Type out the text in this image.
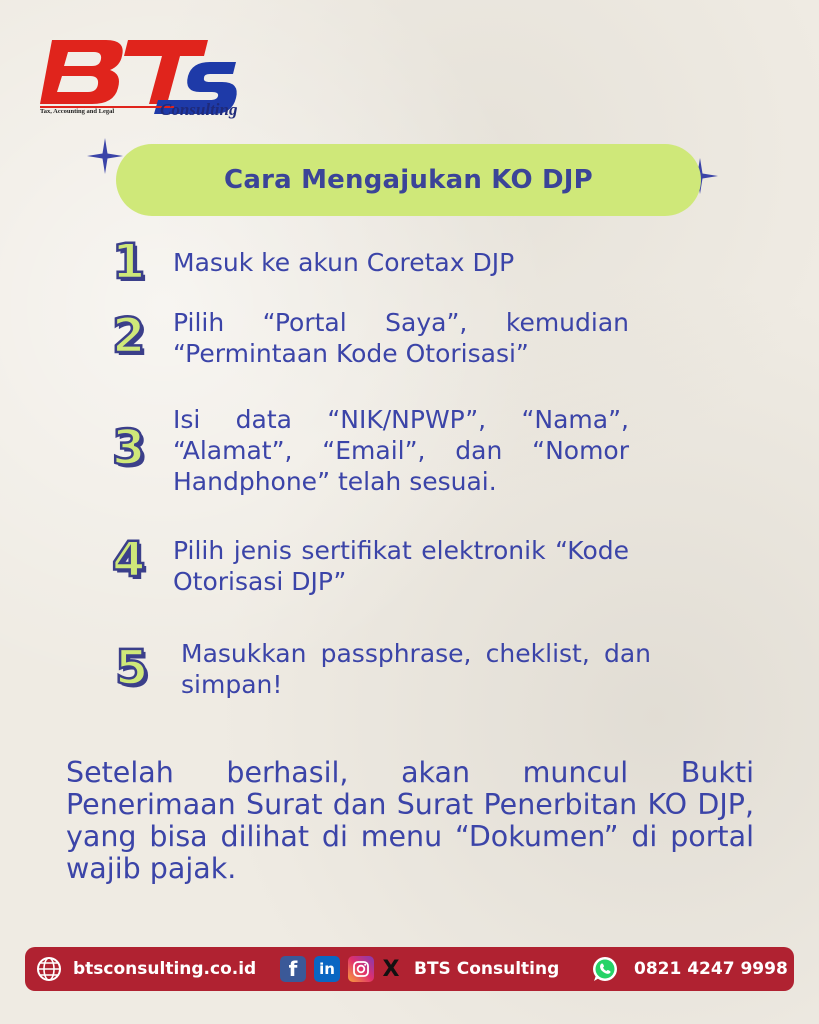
Tax, Accounting and Legal	Consulting
Cara Mengajukan KO DJP
1 Masuk ke akun Coretax DJP
2 Pilih “Portal Saya”, kemudian “Permintaan Kode Otorisasi”
3
Isi data “NIK/NPWP”, “Nama”, “Alamat”, “Email”, dan “Nomor Handphone” telah sesuai.
4 Pilih jenis sertifikat elektronik “Kode Otorisasi DJP”
5 Masukkan passphrase, cheklist, dan simpan!
Setelah berhasil, akan muncul Bukti Penerimaan Surat dan Surat Penerbitan KO DJP, yang bisa dilihat di menu “Dokumen” di portal wajib pajak.
btsconsulting.co.id	f	in X BTS Consulting	0821 4247 9998
